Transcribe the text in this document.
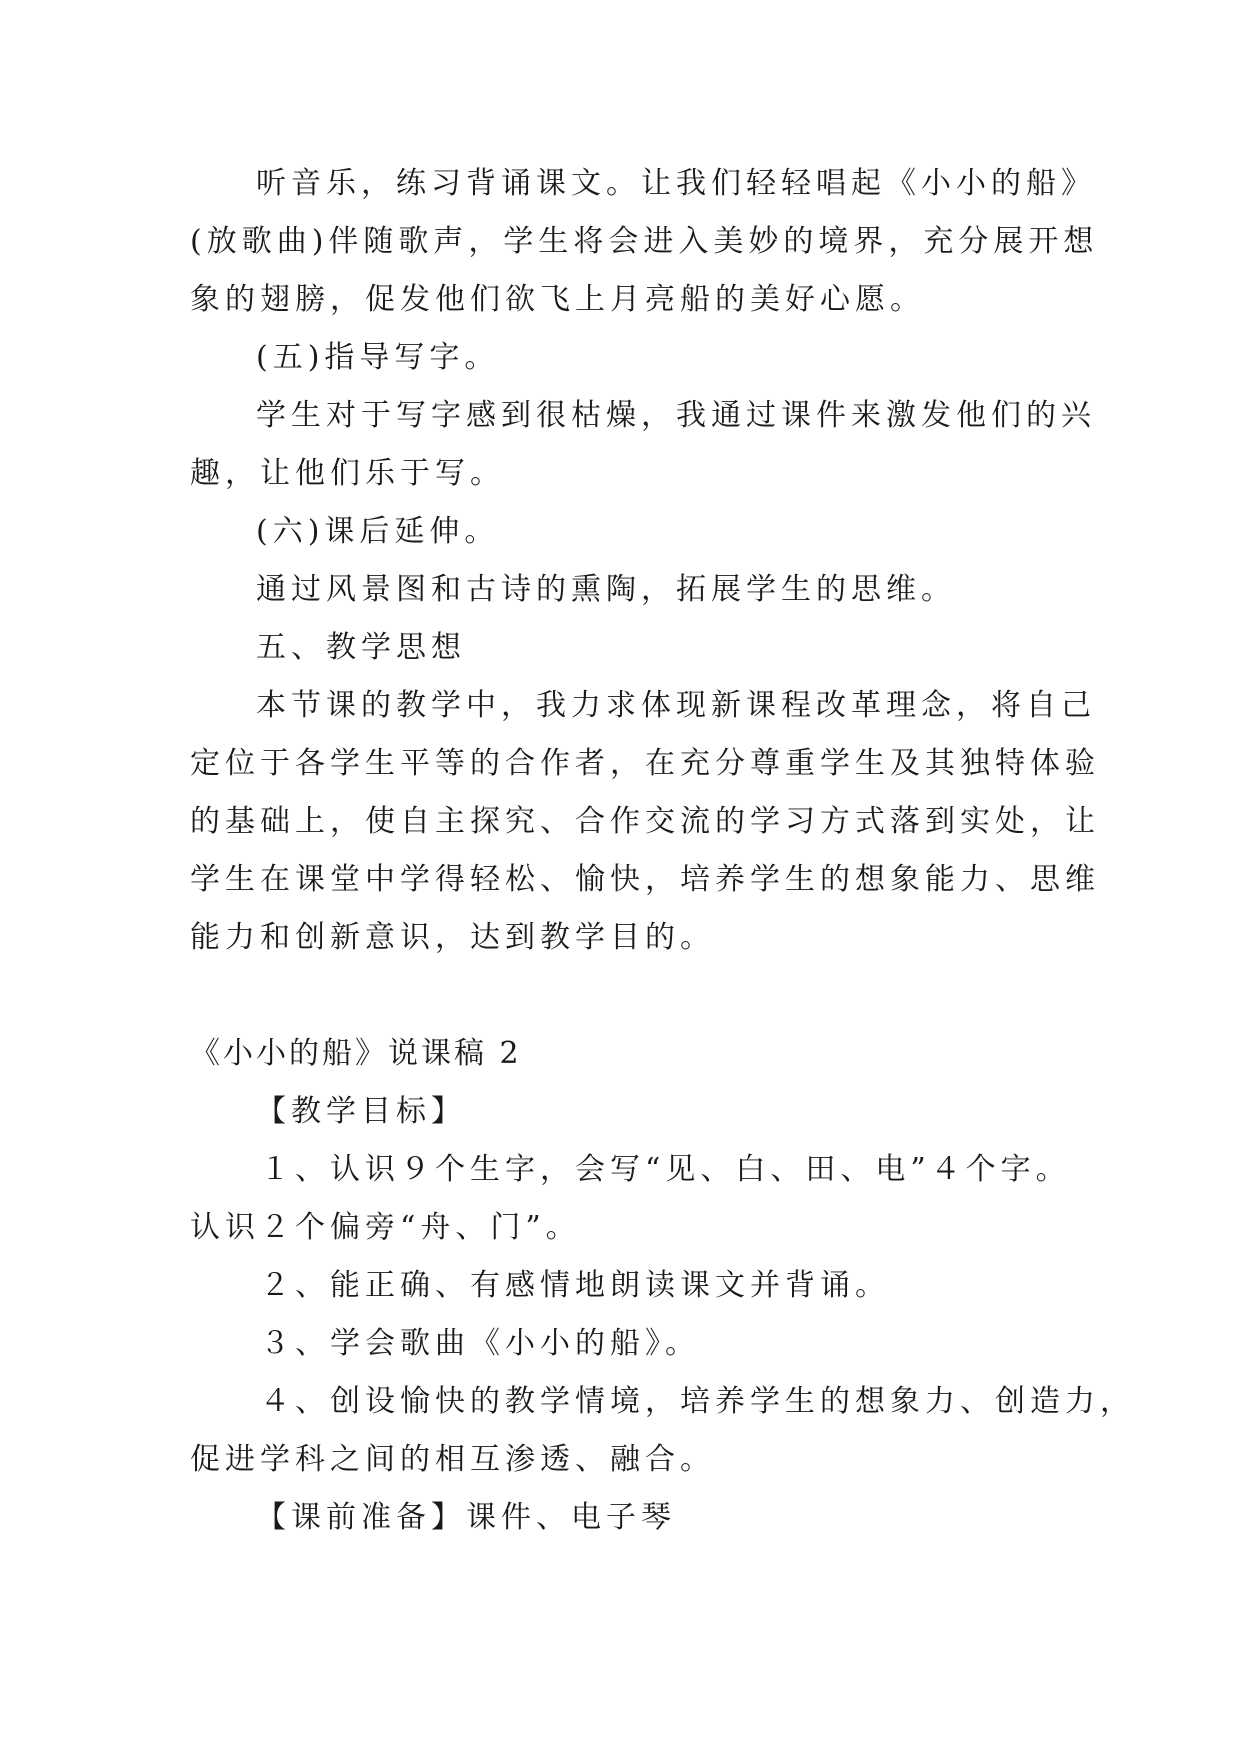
听音乐，练习背诵课文。让我们轻轻唱起《小小的船》
(放歌曲)伴随歌声，学生将会进入美妙的境界，充分展开想
象的翅膀，促发他们欲飞上月亮船的美好心愿。
(五)指导写字。
学生对于写字感到很枯燥，我通过课件来激发他们的兴
趣，让他们乐于写。
(六)课后延伸。
通过风景图和古诗的熏陶，拓展学生的思维。
五、教学思想
本节课的教学中，我力求体现新课程改革理念，将自己
定位于各学生平等的合作者，在充分尊重学生及其独特体验
的基础上，使自主探究、合作交流的学习方式落到实处，让
学生在课堂中学得轻松、愉快，培养学生的想象能力、思维
能力和创新意识，达到教学目的。
《小小的船》说课稿 2
【教学目标】
１、认识９个生字，会写“见、白、田、电”４个字。
认识２个偏旁“舟、门”。
２、能正确、有感情地朗读课文并背诵。
３、学会歌曲《小小的船》。
４、创设愉快的教学情境，培养学生的想象力、创造力，
促进学科之间的相互渗透、融合。
【课前准备】课件、电子琴
